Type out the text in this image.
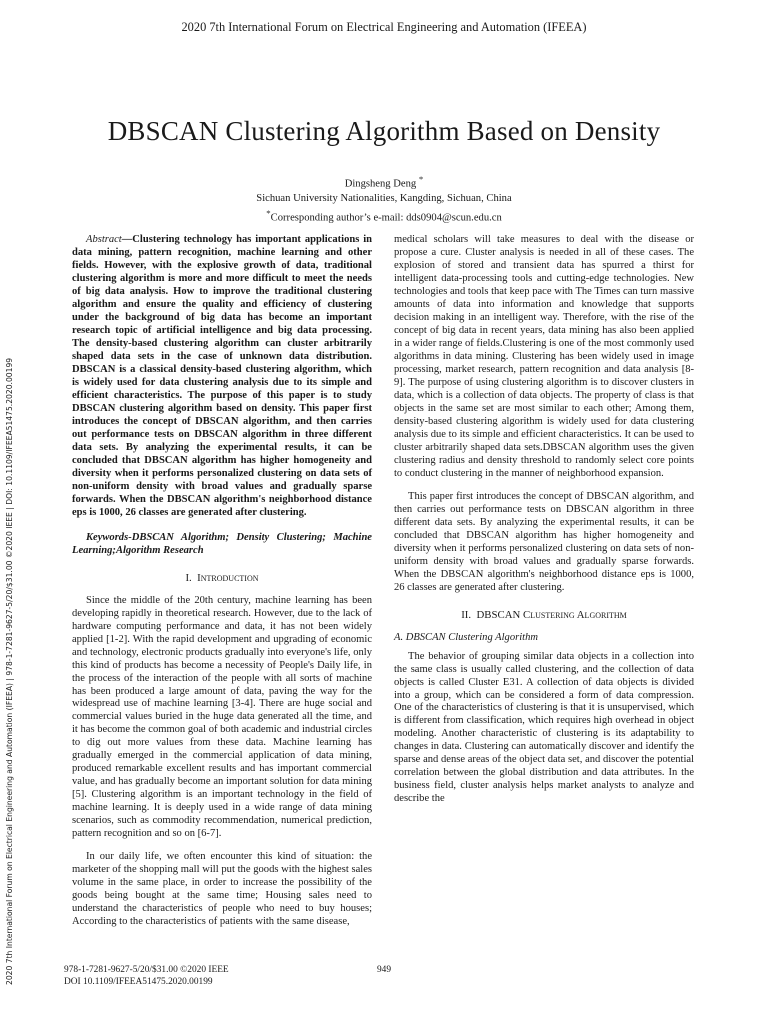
2020 7th International Forum on Electrical Engineering and Automation (IFEEA)
DBSCAN Clustering Algorithm Based on Density
Dingsheng Deng *
Sichuan University Nationalities, Kangding, Sichuan, China
*Corresponding author’s e-mail: dds0904@scun.edu.cn
2020 7th International Forum on Electrical Engineering and Automation (IFEEA) | 978-1-7281-9627-5/20/$31.00 ©2020 IEEE | DOI: 10.1109/IFEEA51475.2020.00199

Abstract—Clustering technology has important applications in data mining, pattern recognition, machine learning and other fields. However, with the explosive growth of data, traditional clustering algorithm is more and more difficult to meet the needs of big data analysis. How to improve the traditional clustering algorithm and ensure the quality and efficiency of clustering under the background of big data has become an important research topic of artificial intelligence and big data processing. The density-based clustering algorithm can cluster arbitrarily shaped data sets in the case of unknown data distribution. DBSCAN is a classical density-based clustering algorithm, which is widely used for data clustering analysis due to its simple and efficient characteristics. The purpose of this paper is to study DBSCAN clustering algorithm based on density. This paper first introduces the concept of DBSCAN algorithm, and then carries out performance tests on DBSCAN algorithm in three different data sets. By analyzing the experimental results, it can be concluded that DBSCAN algorithm has higher homogeneity and diversity when it performs personalized clustering on data sets of non-uniform density with broad values and gradually sparse forwards. When the DBSCAN algorithm's neighborhood distance eps is 1000, 26 classes are generated after clustering.

Keywords-DBSCAN Algorithm; Density Clustering; Machine Learning;Algorithm Research

I. Introduction

Since the middle of the 20th century, machine learning has been developing rapidly in theoretical research. However, due to the lack of hardware computing performance and data, it has not been widely applied [1-2]. With the rapid development and upgrading of economic and technology, electronic products gradually into everyone's life, only this kind of products has become a necessity of People's Daily life, in the process of the interaction of the people with all sorts of machine has been produced a large amount of data, paving the way for the widespread use of machine learning [3-4]. There are huge social and commercial values buried in the huge data generated all the time, and it has become the common goal of both academic and industrial circles to dig out more values from these data. Machine learning has gradually emerged in the commercial application of data mining, produced remarkable excellent results and has important commercial value, and has gradually become an important solution for data mining [5]. Clustering algorithm is an important technology in the field of machine learning. It is deeply used in a wide range of data mining scenarios, such as commodity recommendation, numerical prediction, pattern recognition and so on [6-7].

In our daily life, we often encounter this kind of situation: the marketer of the shopping mall will put the goods with the highest sales volume in the same place, in order to increase the possibility of the goods being bought at the same time; Housing sales need to understand the characteristics of people who need to buy houses; According to the characteristics of patients with the same disease,

medical scholars will take measures to deal with the disease or propose a cure. Cluster analysis is needed in all of these cases. The explosion of stored and transient data has spurred a thirst for intelligent data-processing tools and cutting-edge technologies. New technologies and tools that keep pace with The Times can turn massive amounts of data into information and knowledge that supports decision making in an intelligent way. Therefore, with the rise of the concept of big data in recent years, data mining has also been applied in a wider range of fields.Clustering is one of the most commonly used algorithms in data mining. Clustering has been widely used in image processing, market research, pattern recognition and data analysis [8-9]. The purpose of using clustering algorithm is to discover clusters in data, which is a collection of data objects. The property of class is that objects in the same set are most similar to each other; Among them, density-based clustering algorithm is widely used for data clustering analysis due to its simple and efficient characteristics. It can be used to cluster arbitrarily shaped data sets.DBSCAN algorithm uses the given clustering radius and density threshold to randomly select core points to conduct clustering in the manner of neighborhood expansion.

This paper first introduces the concept of DBSCAN algorithm, and then carries out performance tests on DBSCAN algorithm in three different data sets. By analyzing the experimental results, it can be concluded that DBSCAN algorithm has higher homogeneity and diversity when it performs personalized clustering on data sets of non-uniform density with broad values and gradually sparse forwards. When the DBSCAN algorithm's neighborhood distance eps is 1000, 26 classes are generated after clustering.

II. DBSCAN Clustering Algorithm

A. DBSCAN Clustering Algorithm

The behavior of grouping similar data objects in a collection into the same class is usually called clustering, and the collection of data objects is called Cluster E31. A collection of data objects is divided into a group, which can be considered a form of data compression. One of the characteristics of clustering is that it is unsupervised, which is different from classification, which requires high overhead in object modeling. Another characteristic of clustering is its adaptability to changes in data. Clustering can automatically discover and identify the sparse and dense areas of the object data set, and discover the potential correlation between the global distribution and data attributes. In the business field, cluster analysis helps market analysts to analyze and describe the

978-1-7281-9627-5/20/$31.00 ©2020 IEEE
DOI 10.1109/IFEEA51475.2020.00199
949
